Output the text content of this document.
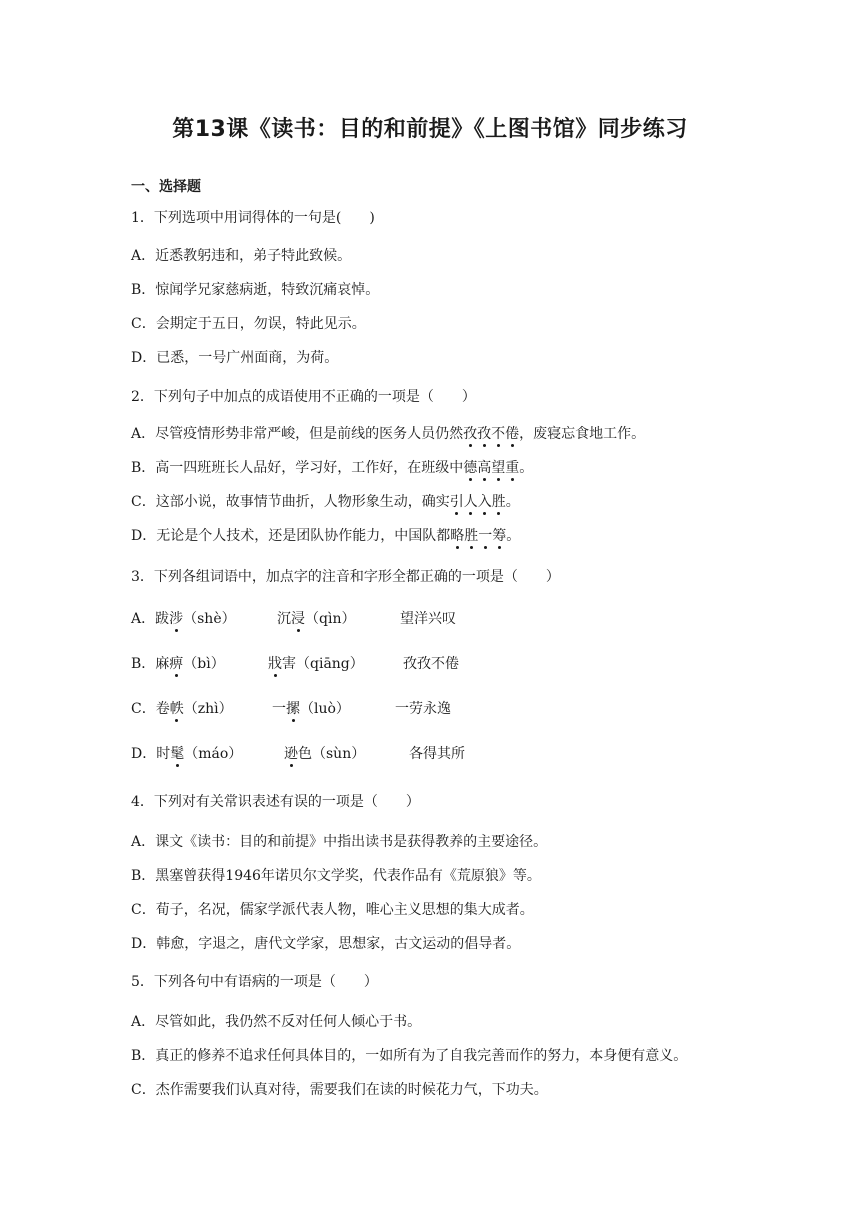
第13课《读书：目的和前提》《上图书馆》同步练习
一、选择题
1．下列选项中用词得体的一句是(　　)
A．近悉教躬违和，弟子特此致候。
B．惊闻学兄家慈病逝，特致沉痛哀悼。
C．会期定于五日，勿误，特此见示。
D．已悉，一号广州面商，为荷。
2．下列句子中加点的成语使用不正确的一项是（　　）
A．尽管疫情形势非常严峻，但是前线的医务人员仍然孜孜不倦，废寝忘食地工作。
B．高一四班班长人品好，学习好，工作好，在班级中德高望重。
C．这部小说，故事情节曲折，人物形象生动，确实引人入胜。
D．无论是个人技术，还是团队协作能力，中国队都略胜一筹。
3．下列各组词语中，加点字的注音和字形全都正确的一项是（　　）
A．跋涉（shè）	沉浸（qìn）	望洋兴叹
B．麻痹（bì）	戕害（qiāng）	孜孜不倦
C．卷帙（zhì）	一摞（luò）	一劳永逸
D．时髦（máo）	逊色（sùn）	各得其所
4．下列对有关常识表述有误的一项是（　　）
A．课文《读书：目的和前提》中指出读书是获得教养的主要途径。
B．黑塞曾获得1946年诺贝尔文学奖，代表作品有《荒原狼》等。
C．荀子，名况，儒家学派代表人物，唯心主义思想的集大成者。
D．韩愈，字退之，唐代文学家，思想家，古文运动的倡导者。
5．下列各句中有语病的一项是（　　）
A．尽管如此，我仍然不反对任何人倾心于书。
B．真正的修养不追求任何具体目的，一如所有为了自我完善而作的努力，本身便有意义。
C．杰作需要我们认真对待，需要我们在读的时候花力气，下功夫。
